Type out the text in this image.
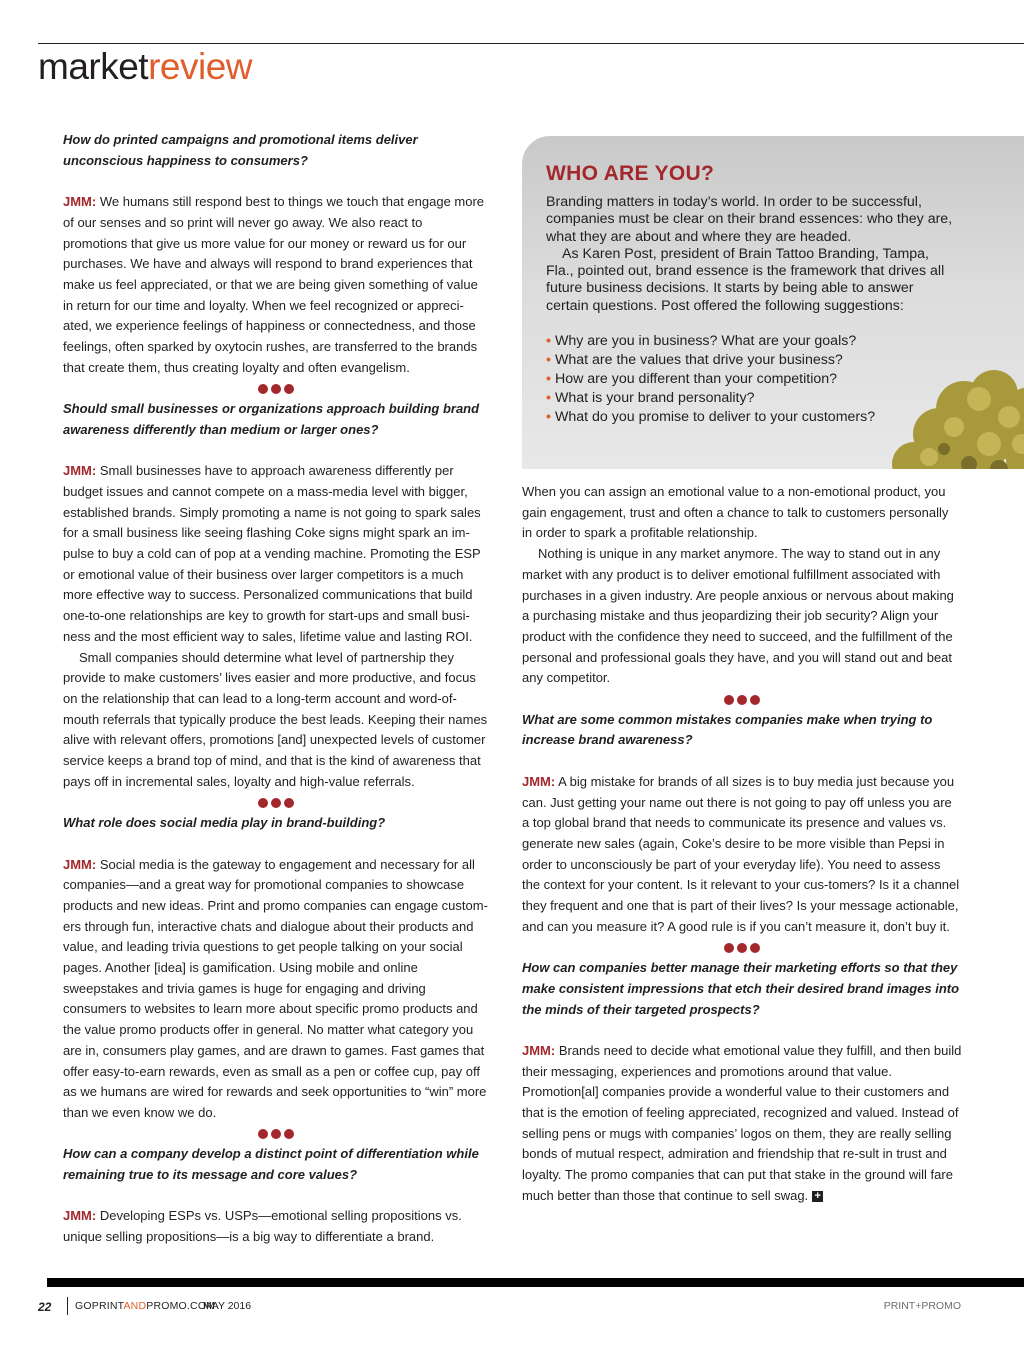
marketreview

How do printed campaigns and promotional items deliver unconscious happiness to consumers?

JMM: We humans still respond best to things we touch that engage more of our senses and so print will never go away. We also react to promotions that give us more value for our money or reward us for our purchases. We have and always will respond to brand experiences that make us feel appreciated, or that we are being given something of value in return for our time and loyalty. When we feel recognized or appreci-ated, we experience feelings of happiness or connectedness, and those feelings, often sparked by oxytocin rushes, are transferred to the brands that create them, thus creating loyalty and often evangelism.

Should small businesses or organizations approach building brand awareness differently than medium or larger ones?

JMM: Small businesses have to approach awareness differently per budget issues and cannot compete on a mass-media level with bigger, established brands. Simply promoting a name is not going to spark sales for a small business like seeing flashing Coke signs might spark an im-pulse to buy a cold can of pop at a vending machine. Promoting the ESP or emotional value of their business over larger competitors is a much more effective way to success. Personalized communications that build one-to-one relationships are key to growth for start-ups and small busi-ness and the most efficient way to sales, lifetime value and lasting ROI.

Small companies should determine what level of partnership they provide to make customers’ lives easier and more productive, and focus on the relationship that can lead to a long-term account and word-of-mouth referrals that typically produce the best leads. Keeping their names alive with relevant offers, promotions [and] unexpected levels of customer service keeps a brand top of mind, and that is the kind of awareness that pays off in incremental sales, loyalty and high-value referrals.

What role does social media play in brand-building?

JMM: Social media is the gateway to engagement and necessary for all companies—and a great way for promotional companies to showcase products and new ideas. Print and promo companies can engage custom-ers through fun, interactive chats and dialogue about their products and value, and leading trivia questions to get people talking on your social pages. Another [idea] is gamification. Using mobile and online sweepstakes and trivia games is huge for engaging and driving consumers to websites to learn more about specific promo products and the value promo products offer in general. No matter what category you are in, consumers play games, and are drawn to games. Fast games that offer easy-to-earn rewards, even as small as a pen or coffee cup, pay off as we humans are wired for rewards and seek opportunities to “win” more than we even know we do.

How can a company develop a distinct point of differentiation while remaining true to its message and core values?

JMM: Developing ESPs vs. USPs—emotional selling propositions vs. unique selling propositions—is a big way to differentiate a brand.

WHO ARE YOU?

Branding matters in today’s world. In order to be successful, companies must be clear on their brand essences: who they are, what they are about and where they are headed.

As Karen Post, president of Brain Tattoo Branding, Tampa, Fla., pointed out, brand essence is the framework that drives all future business decisions. It starts by being able to answer certain questions. Post offered the following suggestions:

• Why are you in business? What are your goals?
• What are the values that drive your business?
• How are you different than your competition?
• What is your brand personality?
• What do you promise to deliver to your customers?

When you can assign an emotional value to a non-emotional product, you gain engagement, trust and often a chance to talk to customers personally in order to spark a profitable relationship.

Nothing is unique in any market anymore. The way to stand out in any market with any product is to deliver emotional fulfillment associated with purchases in a given industry. Are people anxious or nervous about making a purchasing mistake and thus jeopardizing their job security? Align your product with the confidence they need to succeed, and the fulfillment of the personal and professional goals they have, and you will stand out and beat any competitor.

What are some common mistakes companies make when trying to increase brand awareness?

JMM: A big mistake for brands of all sizes is to buy media just because you can. Just getting your name out there is not going to pay off unless you are a top global brand that needs to communicate its presence and values vs. generate new sales (again, Coke’s desire to be more visible than Pepsi in order to unconsciously be part of your everyday life). You need to assess the context for your content. Is it relevant to your cus-tomers? Is it a channel they frequent and one that is part of their lives? Is your message actionable, and can you measure it? A good rule is if you can’t measure it, don’t buy it.

How can companies better manage their marketing efforts so that they make consistent impressions that etch their desired brand images into the minds of their targeted prospects?

JMM: Brands need to decide what emotional value they fulfill, and then build their messaging, experiences and promotions around that value. Promotion[al] companies provide a wonderful value to their customers and that is the emotion of feeling appreciated, recognized and valued. Instead of selling pens or mugs with companies’ logos on them, they are really selling bonds of mutual respect, admiration and friendship that re-sult in trust and loyalty. The promo companies that can put that stake in the ground will fare much better than those that continue to sell swag. +

22 GOPRINTANDPROMO.COM
MAY 2016	PRINT+PROMO
